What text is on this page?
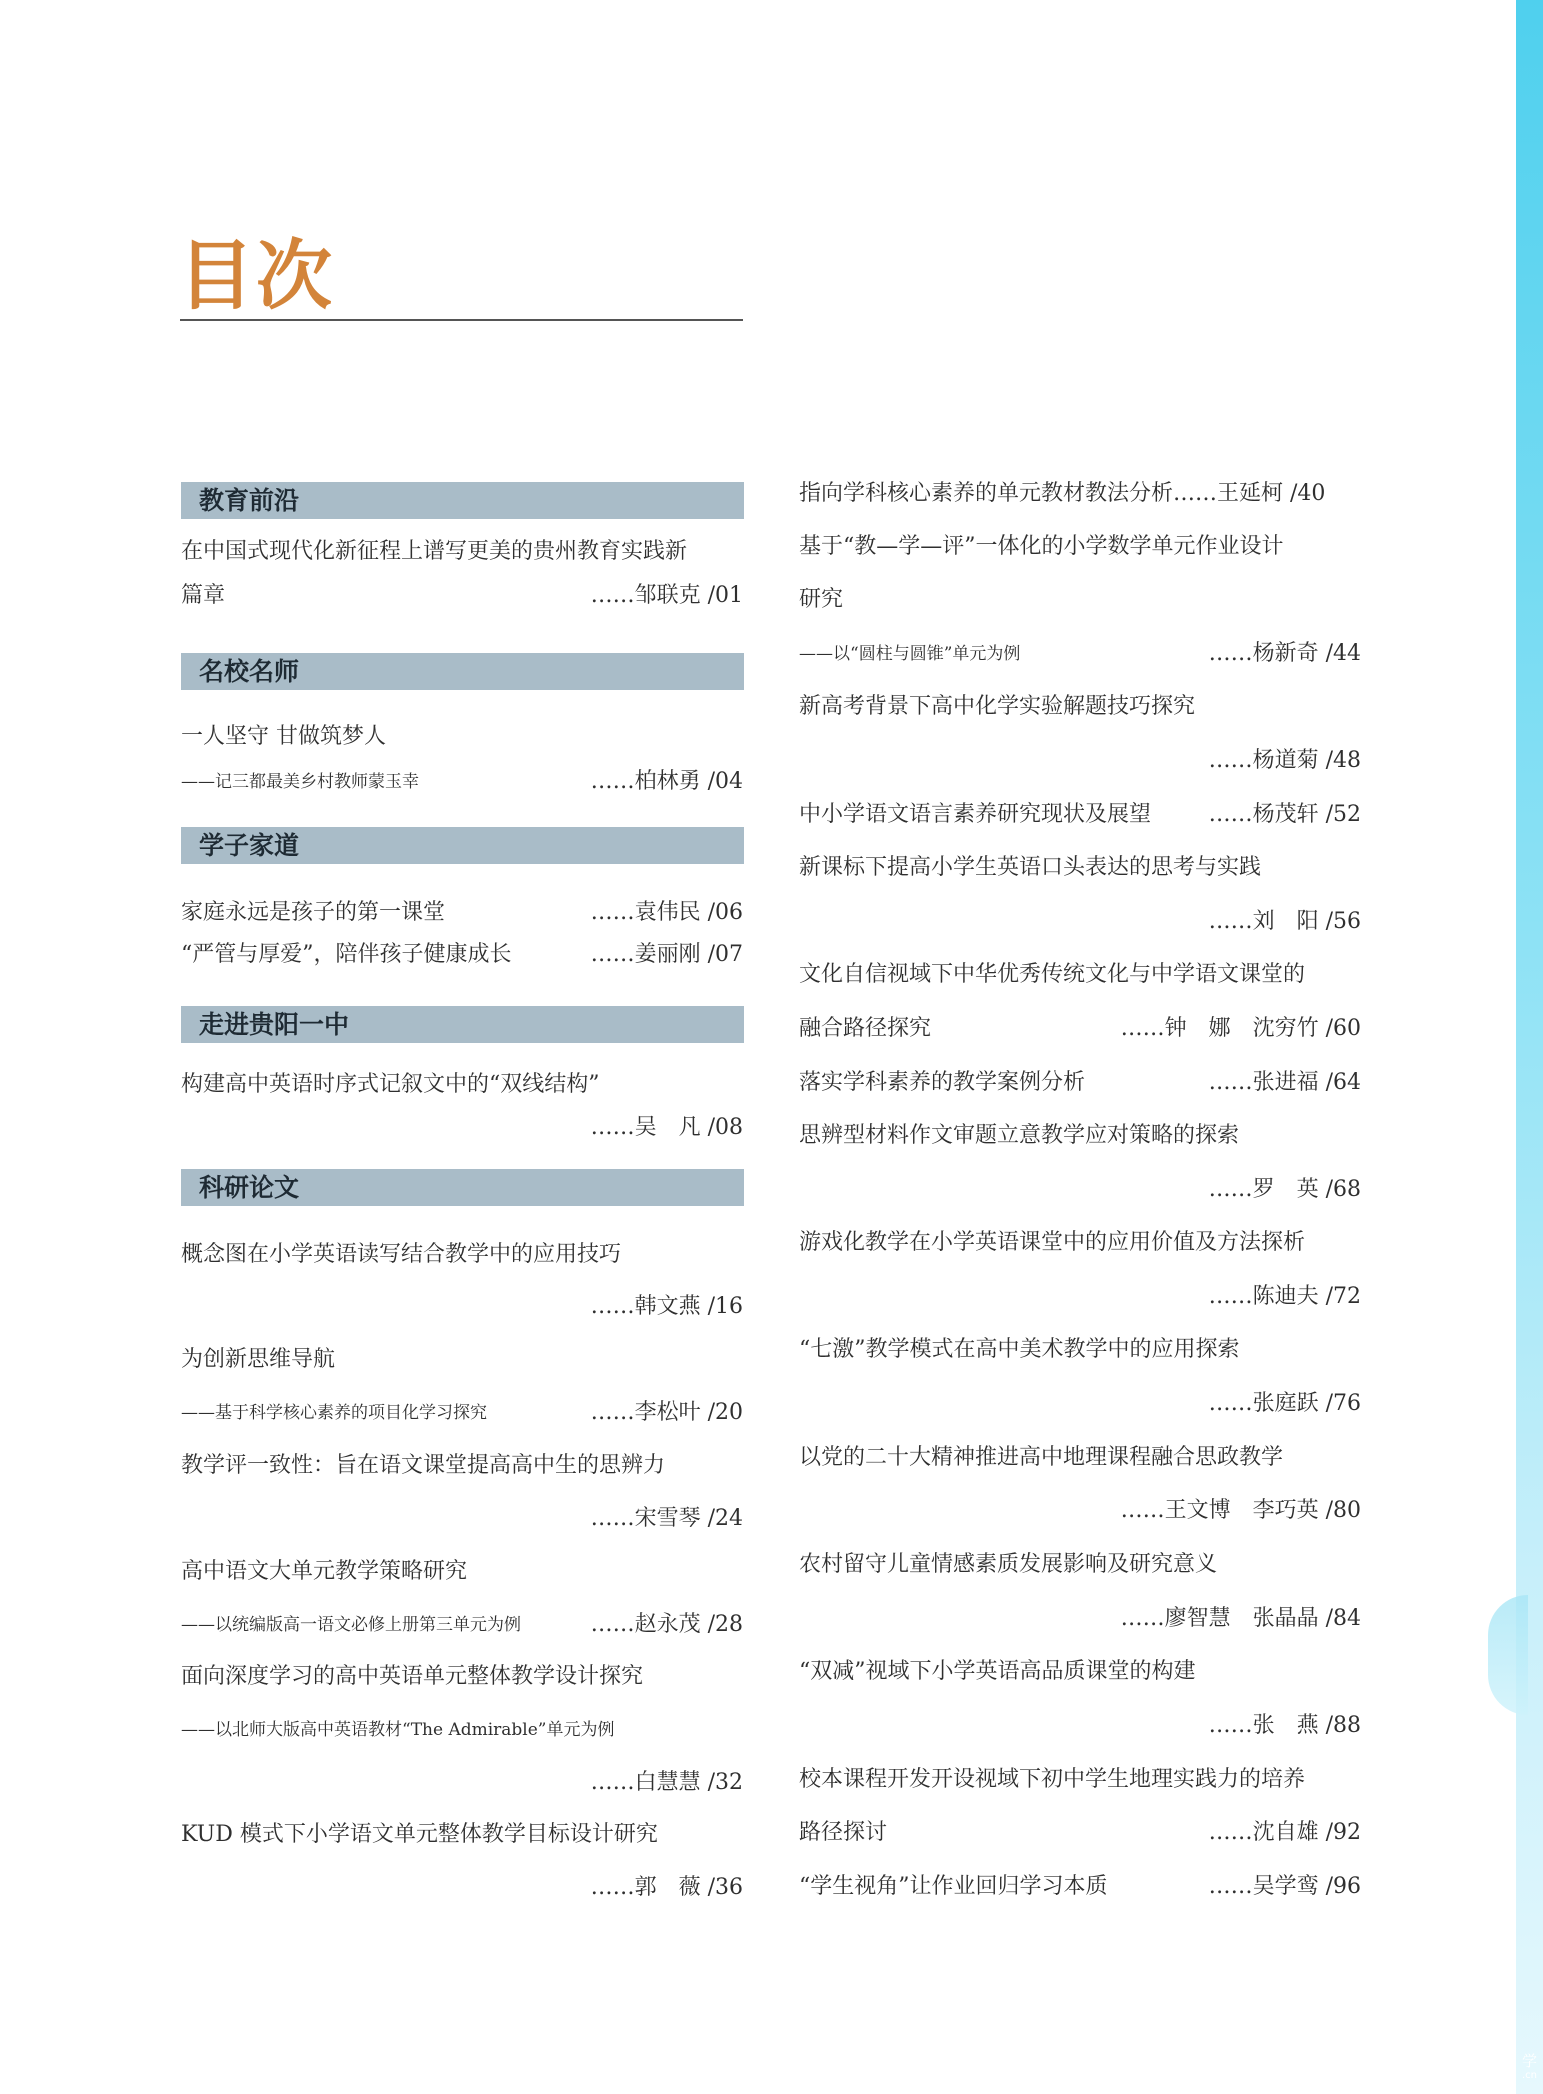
学
.cn
目次
教育前沿
在中国式现代化新征程上谱写更美的贵州教育实践新
篇章	……邹联克 /01
名校名师
一人坚守 甘做筑梦人
——记三都最美乡村教师蒙玉幸	……柏林勇 /04
学子家道
家庭永远是孩子的第一课堂	……袁伟民 /06
“严管与厚爱”，陪伴孩子健康成长	……姜丽刚 /07
走进贵阳一中
构建高中英语时序式记叙文中的“双线结构”
……吴　凡 /08
科研论文
概念图在小学英语读写结合教学中的应用技巧
……韩文燕 /16
为创新思维导航
——基于科学核心素养的项目化学习探究	……李松叶 /20
教学评一致性：旨在语文课堂提高高中生的思辨力
……宋雪琴 /24
高中语文大单元教学策略研究
——以统编版高一语文必修上册第三单元为例	……赵永茂 /28
面向深度学习的高中英语单元整体教学设计探究
——以北师大版高中英语教材“The Admirable”单元为例
……白慧慧 /32
KUD 模式下小学语文单元整体教学目标设计研究
……郭　薇 /36
指向学科核心素养的单元教材教法分析……王延柯 /40
基于“教—学—评”一体化的小学数学单元作业设计
研究
——以“圆柱与圆锥”单元为例	……杨新奇 /44
新高考背景下高中化学实验解题技巧探究
……杨道菊 /48
中小学语文语言素养研究现状及展望	……杨茂轩 /52
新课标下提高小学生英语口头表达的思考与实践
……刘　阳 /56
文化自信视域下中华优秀传统文化与中学语文课堂的
融合路径探究	……钟　娜　沈穷竹 /60
落实学科素养的教学案例分析	……张进福 /64
思辨型材料作文审题立意教学应对策略的探索
……罗　英 /68
游戏化教学在小学英语课堂中的应用价值及方法探析
……陈迪夫 /72
“七激”教学模式在高中美术教学中的应用探索
……张庭跃 /76
以党的二十大精神推进高中地理课程融合思政教学
……王文博　李巧英 /80
农村留守儿童情感素质发展影响及研究意义
……廖智慧　张晶晶 /84
“双减”视域下小学英语高品质课堂的构建
……张　燕 /88
校本课程开发开设视域下初中学生地理实践力的培养
路径探讨	……沈自雄 /92
“学生视角”让作业回归学习本质	……吴学鸾 /96
